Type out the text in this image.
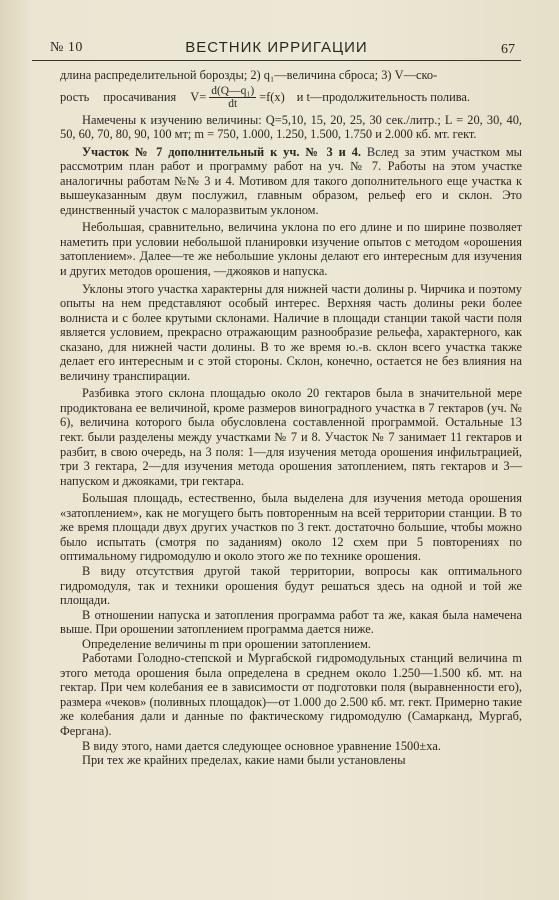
№ 10	ВЕСТНИК ИРРИГАЦИИ	67

длина распределительной борозды; 2) q₁—величина сброса; 3) V—ско-

рость просачивания $V= \frac{\text{d(Q—q₁)}}{dt} =f(x)$ и t—продолжительность полива.

Намечены к изучению величины: Q=5,10, 15, 20, 25, 30 сек./литр.; L = 20, 30, 40, 50, 60, 70, 80, 90, 100 мт; m = 750, 1.000, 1.250, 1.500, 1.750 и 2.000 кб. мт. гект.

Участок № 7 дополнительный к уч. № 3 и 4. Вслед за этим участком мы рассмотрим план работ и программу работ на уч. № 7. Работы на этом участке аналогичны работам №№ 3 и 4. Мотивом для такого дополнительного еще участка к вышеуказанным двум послужил, главным образом, рельеф его и склон. Это единственный участок с малоразвитым уклоном.

Небольшая, сравнительно, величина уклона по его длине и по ширине позволяет наметить при условии небольшой планировки изучение опытов с методом «орошения затоплением». Далее—те же небольшие уклоны делают его интересным для изучения и других методов орошения, —джояков и напуска.

Уклоны этого участка характерны для нижней части долины р. Чирчика и поэтому опыты на нем представляют особый интерес. Верхняя часть долины реки более волниста и с более крутыми склонами. Наличие в площади станции такой части поля является условием, прекрасно отражающим разнообразие рельефа, характерного, как сказано, для нижней части долины. В то же время ю.-в. склон всего участка также делает его интересным и с этой стороны. Склон, конечно, остается не без влияния на величину транспирации.

Разбивка этого склона площадью около 20 гектаров была в значительной мере продиктована ее величиной, кроме размеров виноградного участка в 7 гектаров (уч. № 6), величина которого была обусловлена составленной программой. Остальные 13 гект. были разделены между участками № 7 и 8. Участок № 7 занимает 11 гектаров и разбит, в свою очередь, на 3 поля: 1—для изучения метода орошения инфильтрацией, три 3 гектара, 2—для изучения метода орошения затоплением, пять гектаров и 3—напуском и джояками, три гектара.

Большая площадь, естественно, была выделена для изучения метода орошения «затоплением», как не могущего быть повторенным на всей территории станции. В то же время площади двух других участков по 3 гект. достаточно большие, чтобы можно было испытать (смотря по заданиям) около 12 схем при 5 повторениях по оптимальному гидромодулю и около этого же по технике орошения.

В виду отсутствия другой такой территории, вопросы как оптимального гидромодуля, так и техники орошения будут решаться здесь на одной и той же площади.

В отношении напуска и затопления программа работ та же, какая была намечена выше. При орошении затоплением программа дается ниже.

Определение величины m при орошении затоплением.

Работами Голодно-степской и Мургабской гидромодульных станций величина m этого метода орошения была определена в среднем около 1.250—1.500 кб. мт. на гектар. При чем колебания ее в зависимости от подготовки поля (выравненности его), размера «чеков» (поливных площадок)—от 1.000 до 2.500 кб. мт. гект. Примерно такие же колебания дали и данные по фактическому гидромодулю (Самарканд, Мургаб, Фергана).

В виду этого, нами дается следующее основное уравнение 1500±xa.

При тех же крайних пределах, какие нами были установлены
